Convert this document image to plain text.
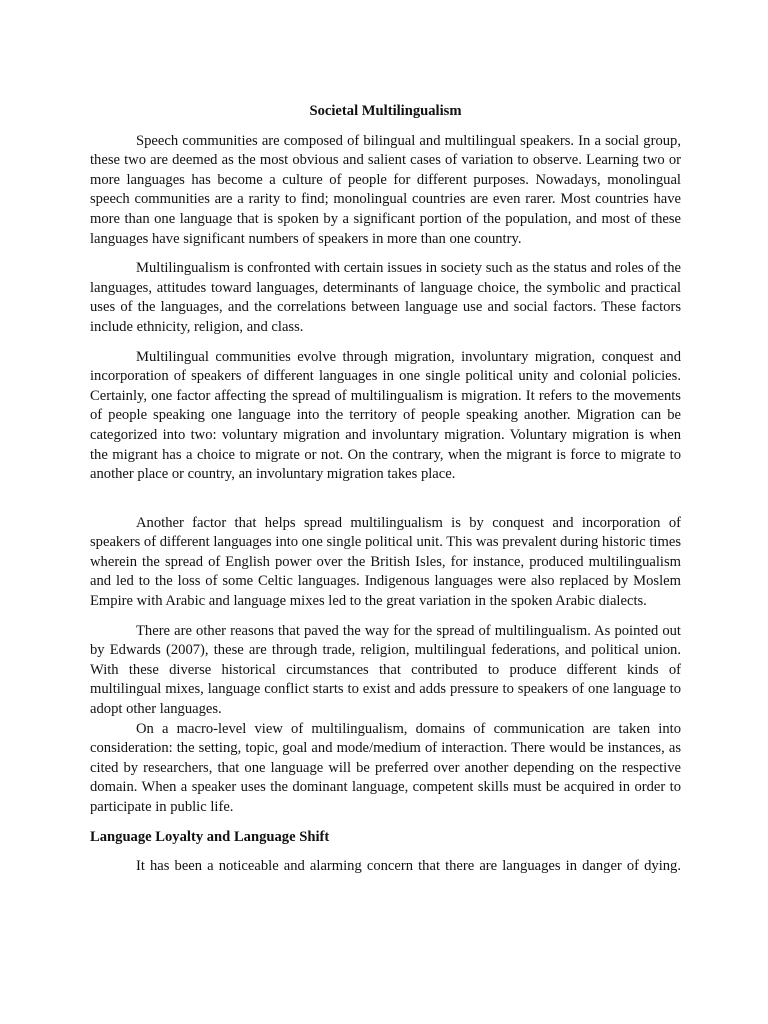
Societal Multilingualism

Speech communities are composed of bilingual and multilingual speakers. In a social group, these two are deemed as the most obvious and salient cases of variation to observe. Learning two or more languages has become a culture of people for different purposes. Nowadays, monolingual speech communities are a rarity to find; monolingual countries are even rarer. Most countries have more than one language that is spoken by a significant portion of the population, and most of these languages have significant numbers of speakers in more than one country.

Multilingualism is confronted with certain issues in society such as the status and roles of the languages, attitudes toward languages, determinants of language choice, the symbolic and practical uses of the languages, and the correlations between language use and social factors. These factors include ethnicity, religion, and class.

Multilingual communities evolve through migration, involuntary migration, conquest and incorporation of speakers of different languages in one single political unity and colonial policies. Certainly, one factor affecting the spread of multilingualism is migration. It refers to the movements of people speaking one language into the territory of people speaking another. Migration can be categorized into two: voluntary migration and involuntary migration. Voluntary migration is when the migrant has a choice to migrate or not. On the contrary, when the migrant is force to migrate to another place or country, an involuntary migration takes place.

Another factor that helps spread multilingualism is by conquest and incorporation of speakers of different languages into one single political unit. This was prevalent during historic times wherein the spread of English power over the British Isles, for instance, produced multilingualism and led to the loss of some Celtic languages. Indigenous languages were also replaced by Moslem Empire with Arabic and language mixes led to the great variation in the spoken Arabic dialects.

There are other reasons that paved the way for the spread of multilingualism. As pointed out by Edwards (2007), these are through trade, religion, multilingual federations, and political union. With these diverse historical circumstances that contributed to produce different kinds of multilingual mixes, language conflict starts to exist and adds pressure to speakers of one language to adopt other languages.

On a macro-level view of multilingualism, domains of communication are taken into consideration: the setting, topic, goal and mode/medium of interaction. There would be instances, as cited by researchers, that one language will be preferred over another depending on the respective domain. When a speaker uses the dominant language, competent skills must be acquired in order to participate in public life.

Language Loyalty and Language Shift

It has been a noticeable and alarming concern that there are languages in danger of dying.
